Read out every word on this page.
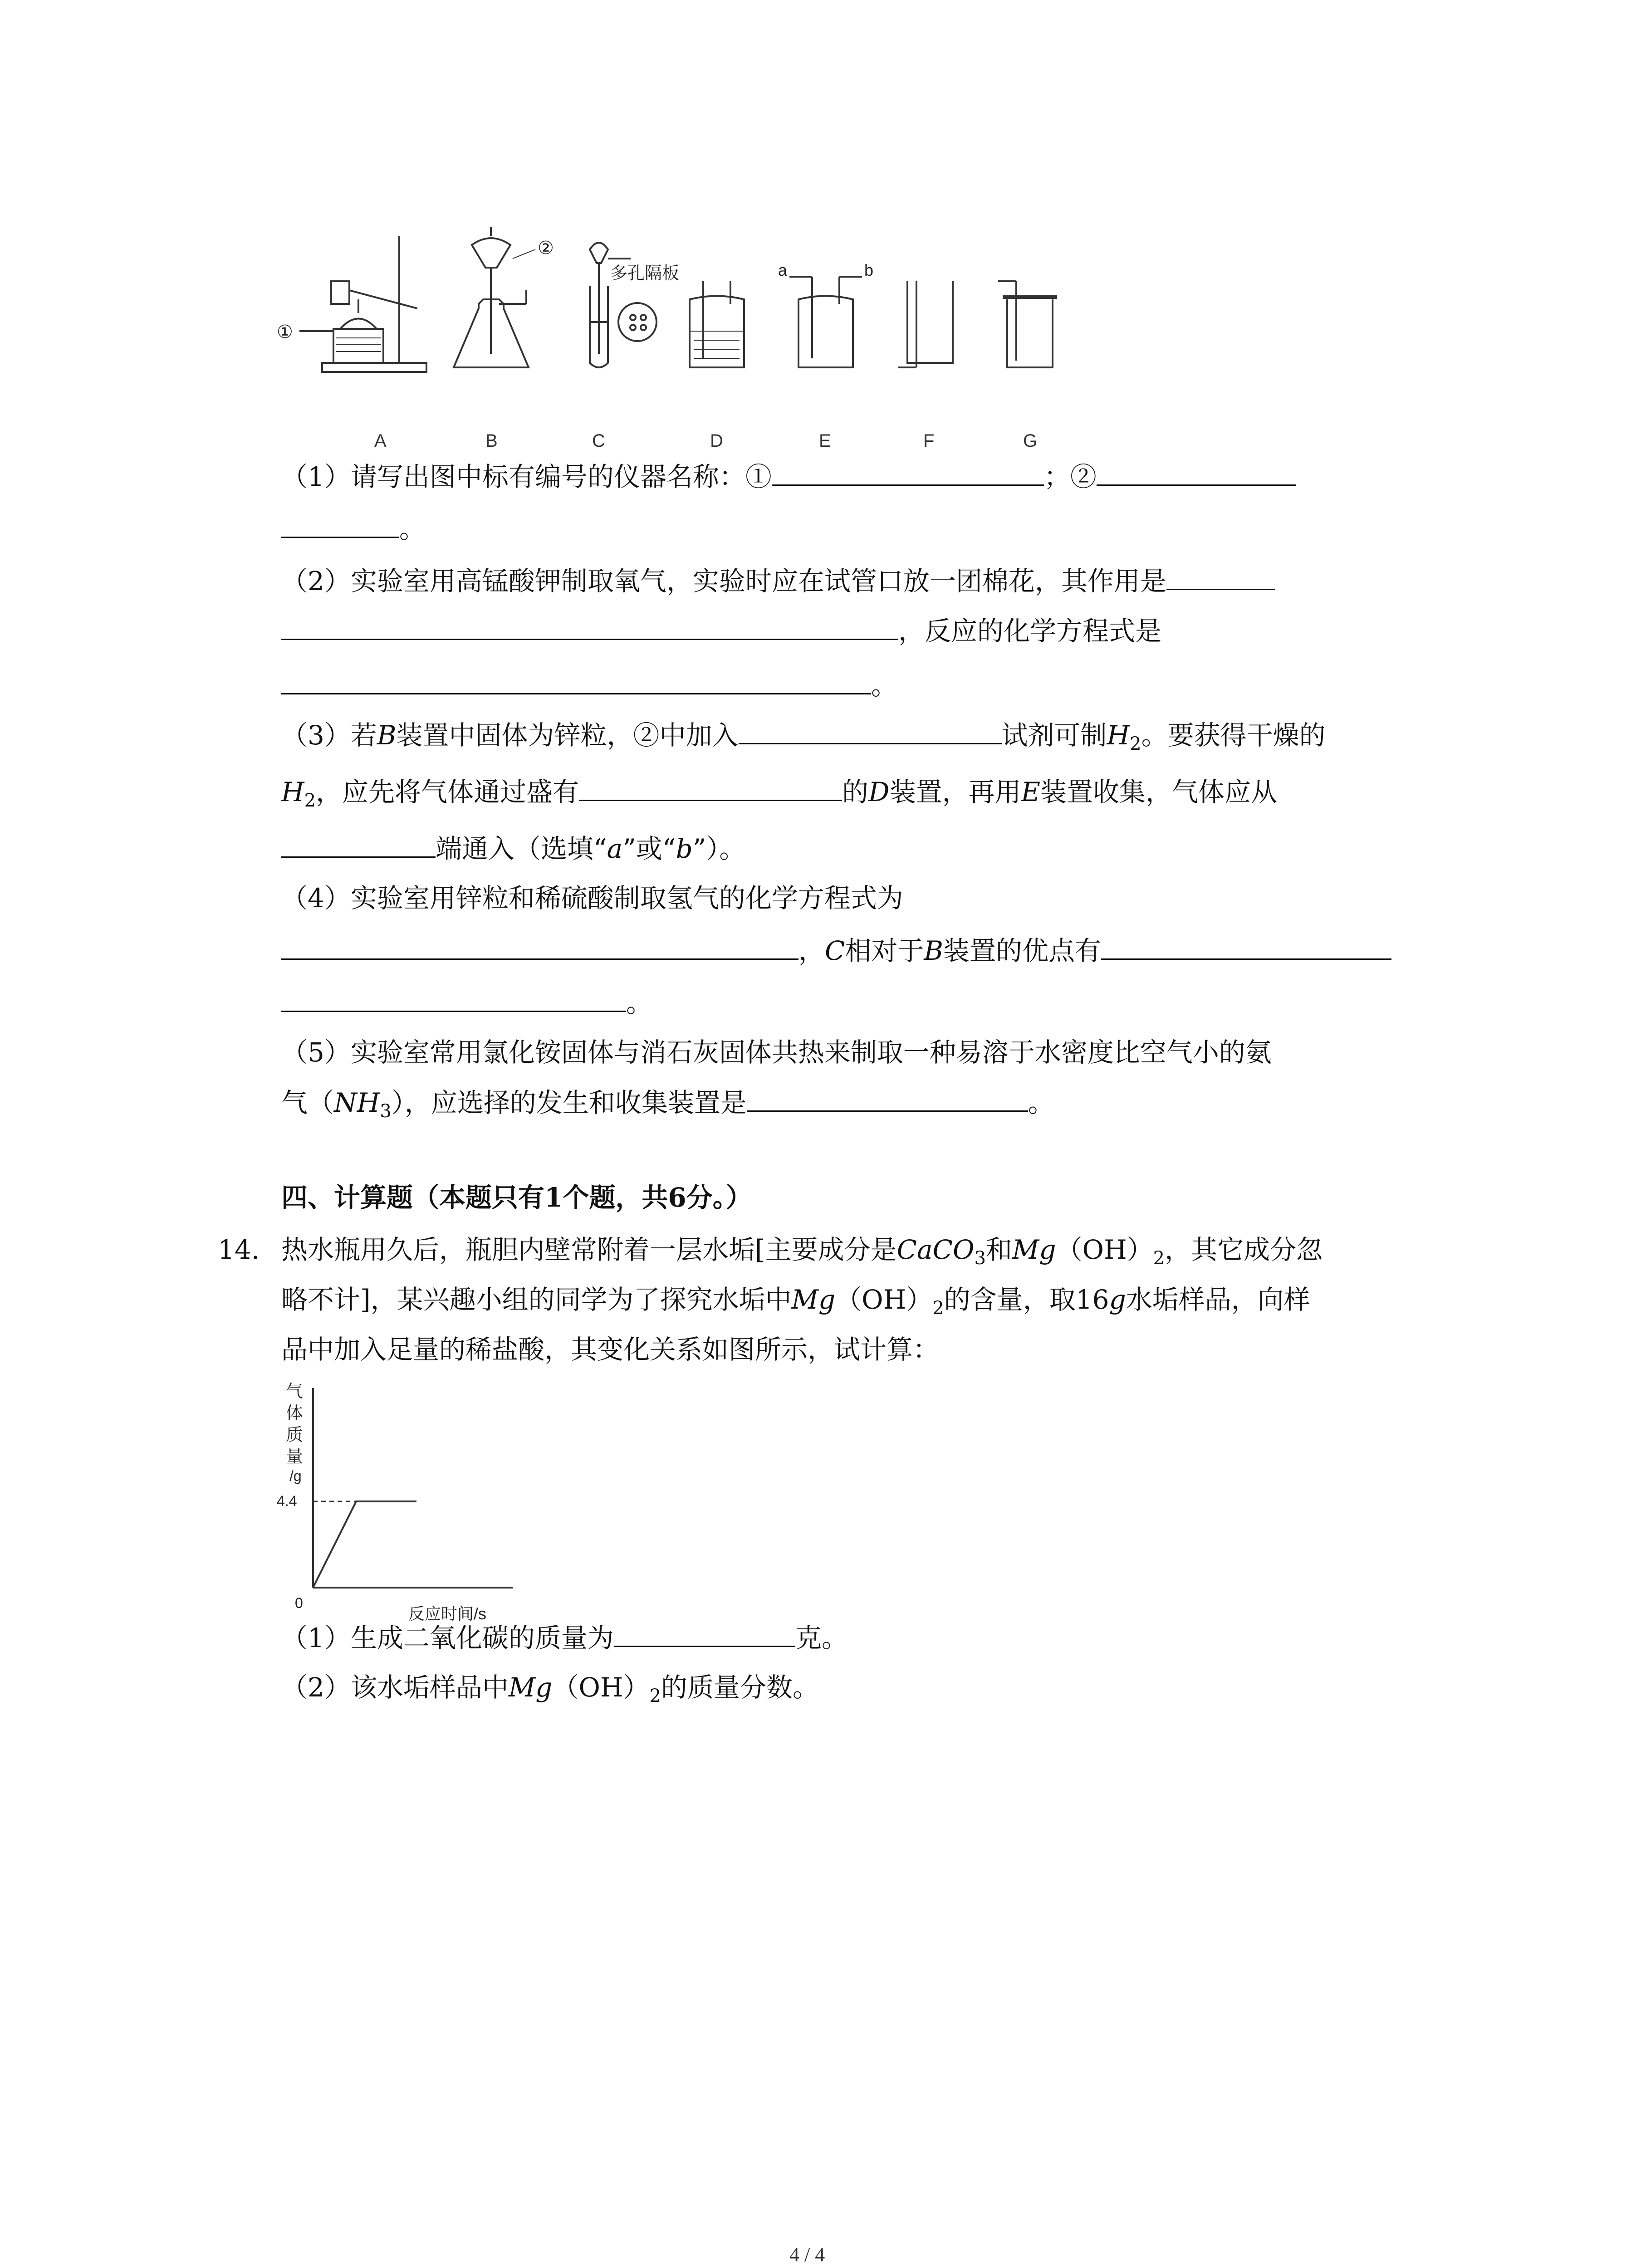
①
②
多孔隔板	a	b
A	B	C	D	E	F	G
（1）请写出图中标有编号的仪器名称：①	；②
。
（2）实验室用高锰酸钾制取氧气，实验时应在试管口放一团棉花，其作用是
，反应的化学方程式是
。
（3）若B装置中固体为锌粒，②中加入	试剂可制$H_2$。要获得干燥的
$H_2$，应先将气体通过盛有	的D装置，再用E装置收集，气体应从
端通入（选填“a”或“b”）。
（4）实验室用锌粒和稀硫酸制取氢气的化学方程式为
，C相对于B装置的优点有
。
（5）实验室常用氯化铵固体与消石灰固体共热来制取一种易溶于水密度比空气小的氨
气$(NH_3)$，应选择的发生和收集装置是	。
四、计算题（本题只有1个题，共6分。）
14. 热水瓶用久后，瓶胆内壁常附着一层水垢[主要成分是CaCO$_3$和$Mg(OH)_2$，其它成分忽
略不计]，某兴趣小组的同学为了探究水垢中$Mg(OH)_2$的含量，取16g水垢样品，向样
品中加入足量的稀盐酸，其变化关系如图所示，试计算：
气
体
质
量
/g
0
4.4
反应时间/s
（1）生成二氧化碳的质量为	克。
（2）该水垢样品中$Mg(OH)_2$的质量分数。
4 / 4
